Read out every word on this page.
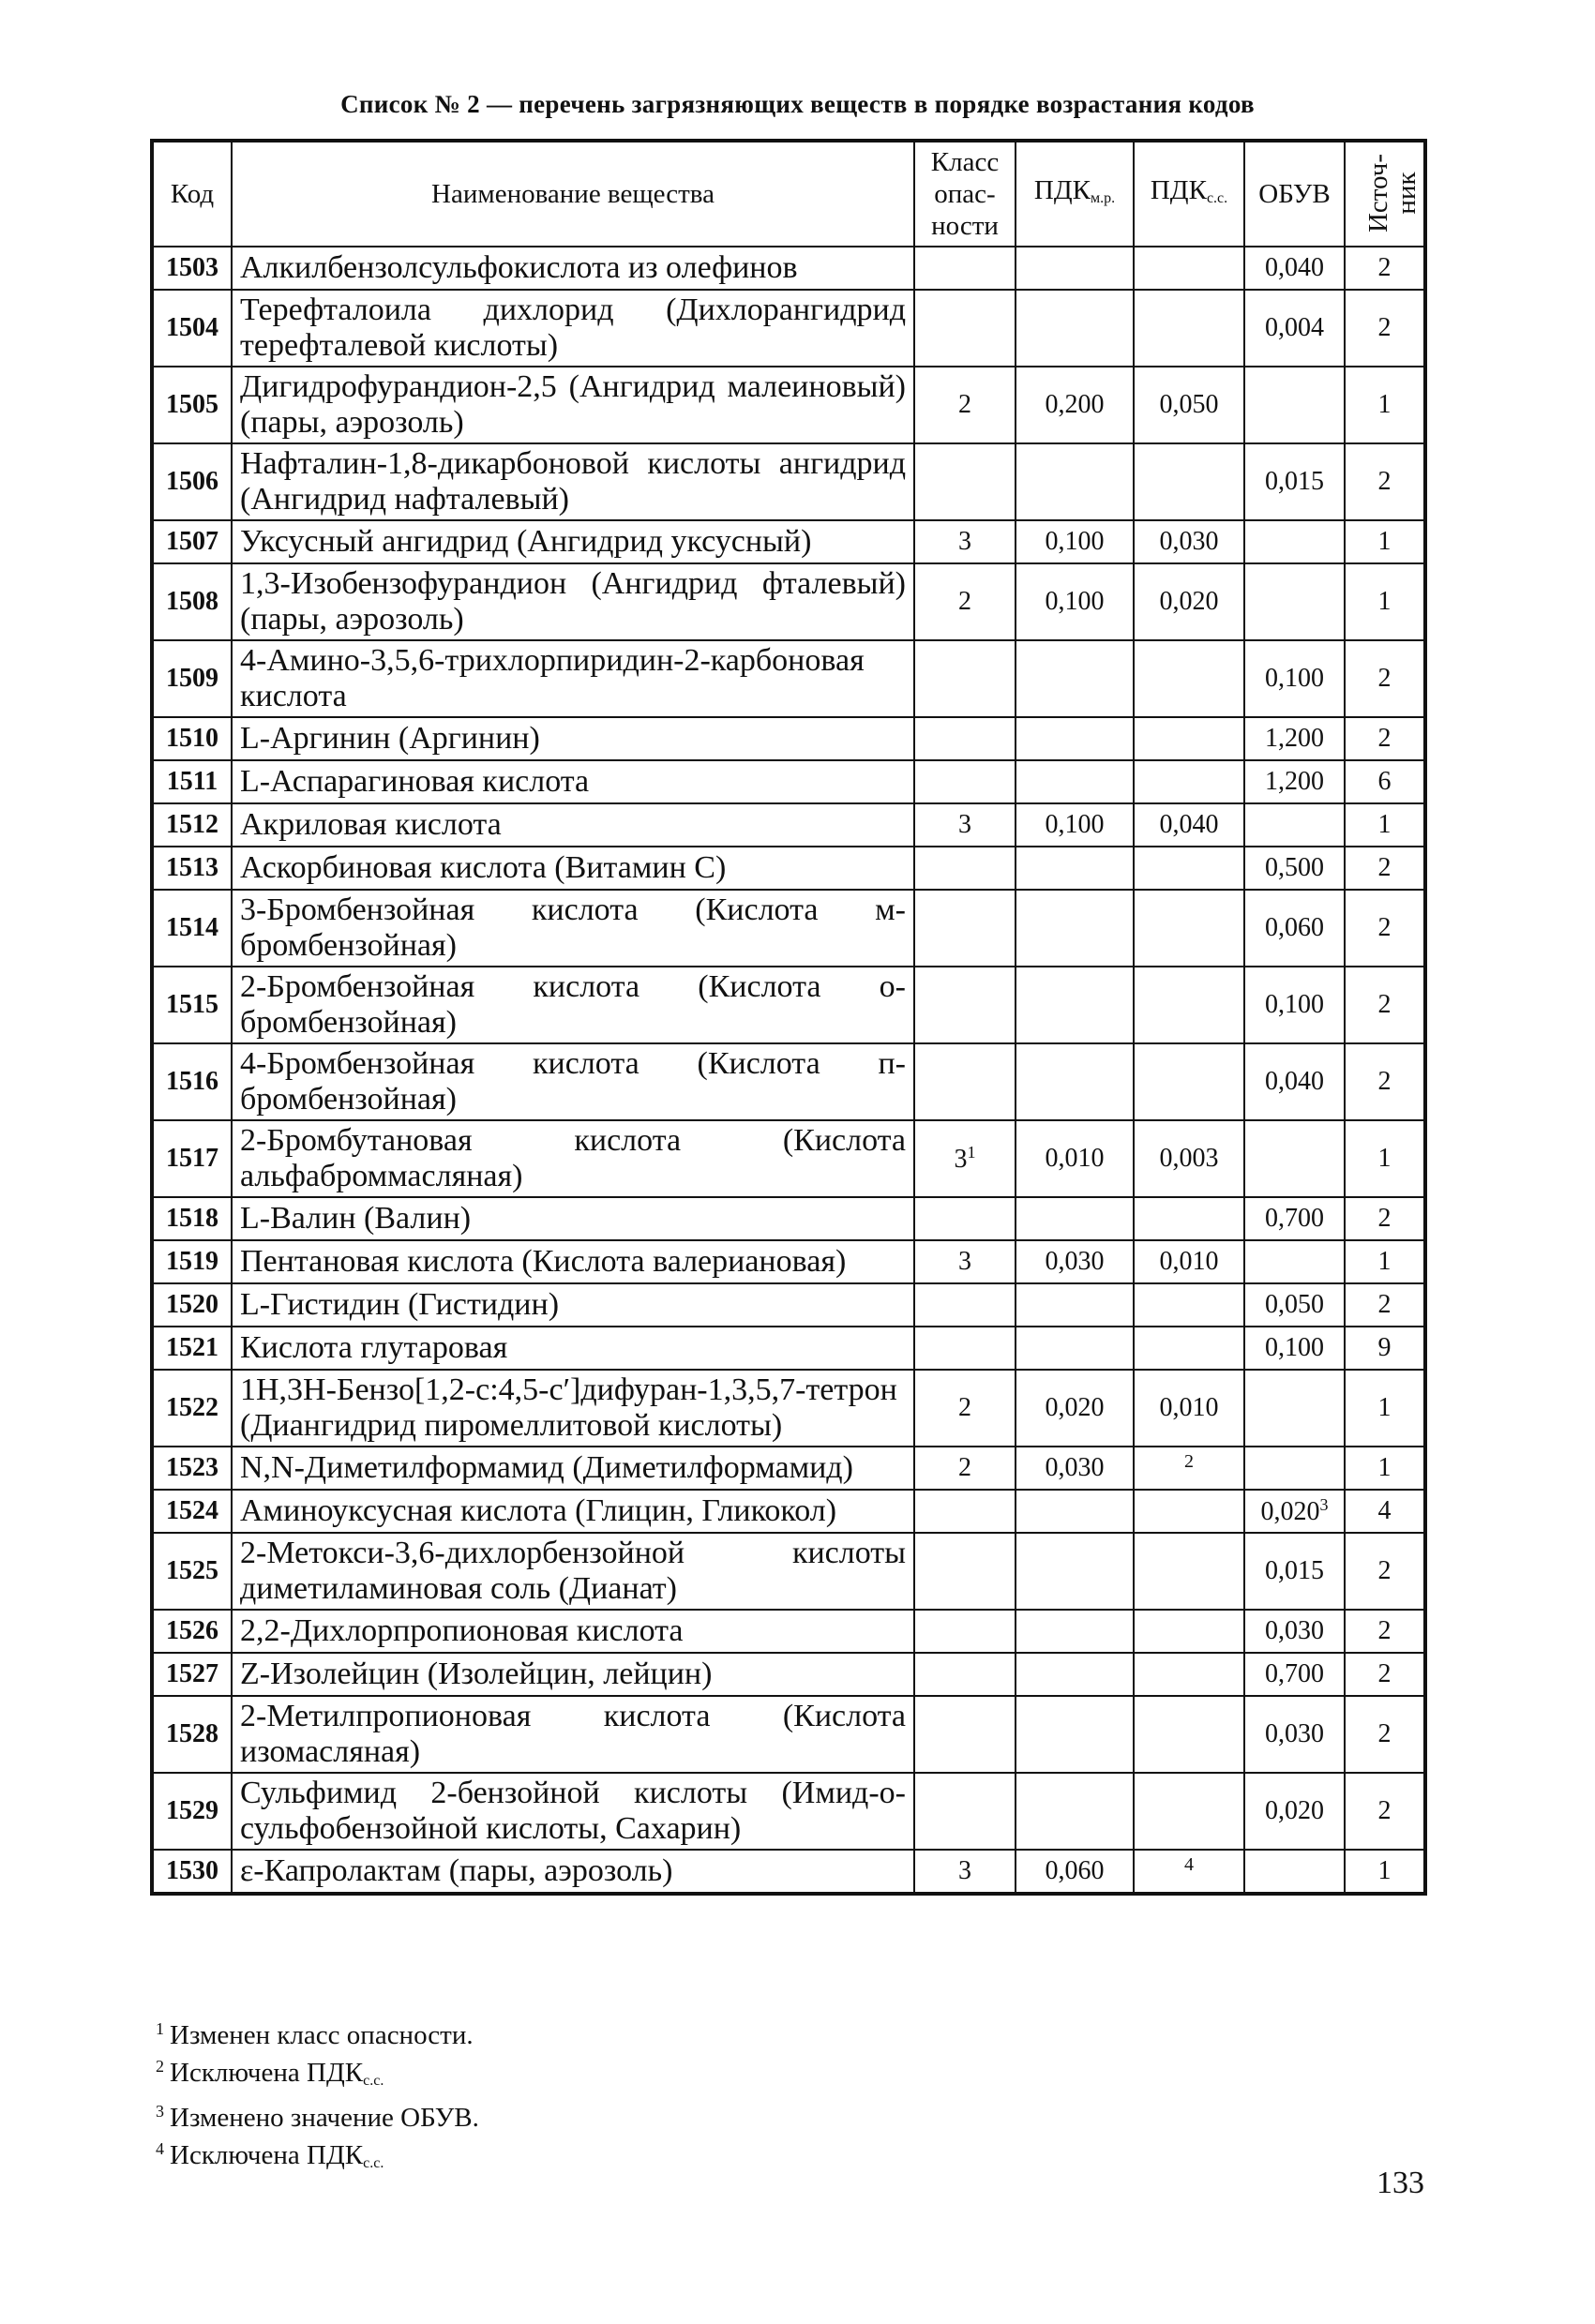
Список № 2 — перечень загрязняющих веществ в порядке возрастания кодов
Код	Наименование вещества	Класс
опас-
ности	$ПДК_{м.р.}$	$ПДК_{с.с.}$	ОБУВ	Источ-
ник
1503	Алкилбензолсульфокислота из олефинов				0,040	2
1504	Терефталоила дихлорид (Дихлорангидрид терефталевой кислоты)				0,004	2
1505	Дигидрофурандион-2,5 (Ангидрид малеиновый) (пары, аэрозоль)	2	0,200	0,050		1
1506	Нафталин-1,8-дикарбоновой кислоты ангидрид (Ангидрид нафталевый)				0,015	2
1507	Уксусный ангидрид (Ангидрид уксусный)	3	0,100	0,030		1
1508	1,3-Изобензофурандион (Ангидрид фталевый) (пары, аэрозоль)	2	0,100	0,020		1
1509	4-Амино-3,5,6-трихлорпиридин-2-карбоновая кислота				0,100	2
1510	L-Аргинин (Аргинин)				1,200	2
1511	L-Аспарагиновая кислота				1,200	6
1512	Акриловая кислота	3	0,100	0,040		1
1513	Аскорбиновая кислота (Витамин С)				0,500	2
1514	3-Бромбензойная кислота (Кислота м-бромбензойная)				0,060	2
1515	2-Бромбензойная кислота (Кислота о-бромбензойная)				0,100	2
1516	4-Бромбензойная кислота (Кислота п-бромбензойная)				0,040	2
1517	2-Бромбутановая кислота (Кислота альфаброммасляная)	3$^1$	0,010	0,003		1
1518	L-Валин (Валин)				0,700	2
1519	Пентановая кислота (Кислота валериановая)	3	0,030	0,010		1
1520	L-Гистидин (Гистидин)				0,050	2
1521	Кислота глутаровая				0,100	9
1522	1H,3H-Бензо[1,2-с:4,5-с′]дифуран-1,3,5,7-тетрон (Диангидрид пиромеллитовой кислоты)	2	0,020	0,010		1
1523	N,N-Диметилформамид (Диметилформамид)	2	0,030	$^2$		1
1524	Аминоуксусная кислота (Глицин, Гликокол)				0,020$^3$	4
1525	2-Метокси-3,6-дихлорбензойной кислоты диметиламиновая соль (Дианат)				0,015	2
1526	2,2-Дихлорпропионовая кислота				0,030	2
1527	Z-Изолейцин (Изолейцин, лейцин)				0,700	2
1528	2-Метилпропионовая кислота (Кислота изомасляная)				0,030	2
1529	Сульфимид 2-бензойной кислоты (Имид-о-сульфобензойной кислоты, Сахарин)				0,020	2
1530	ε-Капролактам (пары, аэрозоль)	3	0,060	$^4$		1
$^1$ Изменен класс опасности.
$^2$ Исключена $ПДК_{с.с.}$
$^3$ Изменено значение ОБУВ.
$^4$ Исключена $ПДК_{с.с.}$
133
